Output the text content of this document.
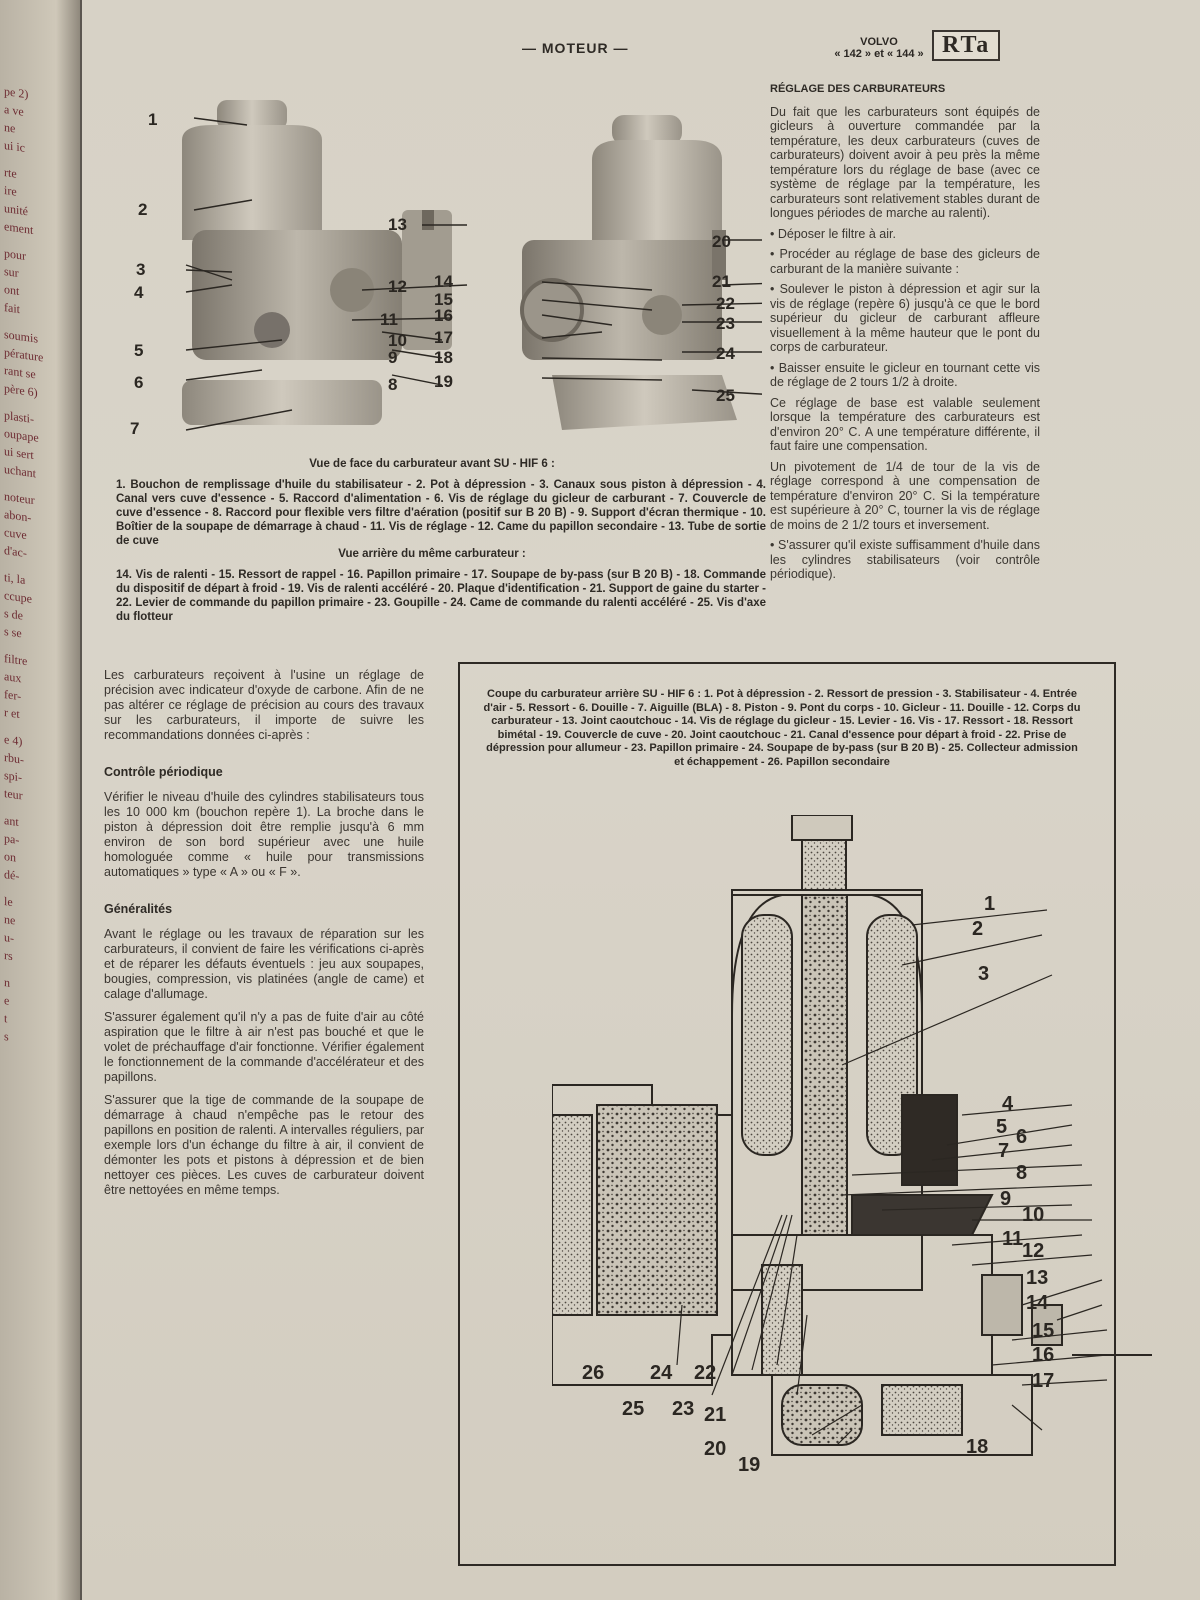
pe 2)
a ve
ne
ui ic
rte
ire
unité
ement
pour
sur
ont
fait
soumis
pérature
rant se
père 6)
plasti-
oupape
ui sert
uchant
noteur
abon-
cuve
d'ac-
ti, la
ccupe
s de
s se
filtre
aux
fer-
r et
e 4)
rbu-
spi-
teur
ant
pa-
on
dé-
le
ne
u-
rs
n
e
t
s
— MOTEUR —	VOLVO
« 142 » et « 144 » RTa
1
2
3
4
5
6
7
8
9
10
11
12
13
14
15
16
17
18
19
20
21
22
23
24
25
Vue de face du carburateur avant SU - HIF 6 :
1. Bouchon de remplissage d'huile du stabilisateur - 2. Pot à dépression - 3. Canaux sous piston à dépression - 4. Canal vers cuve d'essence - 5. Raccord d'alimentation - 6. Vis de réglage du gicleur de carburant - 7. Couvercle de cuve d'essence - 8. Raccord pour flexible vers filtre d'aération (positif sur B 20 B) - 9. Support d'écran thermique - 10. Boîtier de la soupape de démarrage à chaud - 11. Vis de réglage - 12. Came du papillon secondaire - 13. Tube de sortie de cuve
Vue arrière du même carburateur :
14. Vis de ralenti - 15. Ressort de rappel - 16. Papillon primaire - 17. Soupape de by-pass (sur B 20 B) - 18. Commande du dispositif de départ à froid - 19. Vis de ralenti accéléré - 20. Plaque d'identification - 21. Support de gaine du starter - 22. Levier de commande du papillon primaire - 23. Goupille - 24. Came de commande du ralenti accéléré - 25. Vis d'axe du flotteur
RÉGLAGE DES CARBURATEURS

Du fait que les carburateurs sont équipés de gicleurs à ouverture commandée par la température, les deux carburateurs (cuves de carburateurs) doivent avoir à peu près la même température lors du réglage de base (avec ce système de réglage par la température, les carburateurs sont relativement stables durant de longues périodes de marche au ralenti).

• Déposer le filtre à air.

• Procéder au réglage de base des gicleurs de carburant de la manière suivante :

• Soulever le piston à dépression et agir sur la vis de réglage (repère 6) jusqu'à ce que le bord supérieur du gicleur de carburant affleure visuellement à la même hauteur que le pont du corps de carburateur.

• Baisser ensuite le gicleur en tournant cette vis de réglage de 2 tours 1/2 à droite.

Ce réglage de base est valable seulement lorsque la température des carburateurs est d'environ 20° C. A une température différente, il faut faire une compensation.

Un pivotement de 1/4 de tour de la vis de réglage correspond à une compensation de température d'environ 20° C. Si la température est supérieure à 20° C, tourner la vis de réglage de moins de 2 1/2 tours et inversement.

• S'assurer qu'il existe suffisamment d'huile dans les cylindres stabilisateurs (voir contrôle périodique).

Les carburateurs reçoivent à l'usine un réglage de précision avec indicateur d'oxyde de carbone. Afin de ne pas altérer ce réglage de précision au cours des travaux sur les carburateurs, il importe de suivre les recommandations données ci-après :

Contrôle périodique

Vérifier le niveau d'huile des cylindres stabilisateurs tous les 10 000 km (bouchon repère 1). La broche dans le piston à dépression doit être remplie jusqu'à 6 mm environ de son bord supérieur avec une huile homologuée comme « huile pour transmissions automatiques » type « A » ou « F ».

Généralités

Avant le réglage ou les travaux de réparation sur les carburateurs, il convient de faire les vérifications ci-après et de réparer les défauts éventuels : jeu aux soupapes, bougies, compression, vis platinées (angle de came) et calage d'allumage.

S'assurer également qu'il n'y a pas de fuite d'air au côté aspiration que le filtre à air n'est pas bouché et que le volet de préchauffage d'air fonctionne. Vérifier également le fonctionnement de la commande d'accélérateur et des papillons.

S'assurer que la tige de commande de la soupape de démarrage à chaud n'empêche pas le retour des papillons en position de ralenti. A intervalles réguliers, par exemple lors d'un échange du filtre à air, il convient de démonter les pots et pistons à dépression et de bien nettoyer ces pièces. Les cuves de carburateur doivent être nettoyées en même temps.

Coupe du carburateur arrière SU - HIF 6 : 1. Pot à dépression - 2. Ressort de pression - 3. Stabilisateur - 4. Entrée d'air - 5. Ressort - 6. Douille - 7. Aiguille (BLA) - 8. Piston - 9. Pont du corps - 10. Gicleur - 11. Douille - 12. Corps du carburateur - 13. Joint caoutchouc - 14. Vis de réglage du gicleur - 15. Levier - 16. Vis - 17. Ressort - 18. Ressort bimétal - 19. Couvercle de cuve - 20. Joint caoutchouc - 21. Canal d'essence pour départ à froid - 22. Prise de dépression pour allumeur - 23. Papillon primaire - 24. Soupape de by-pass (sur B 20 B) - 25. Collecteur admission et échappement - 26. Papillon secondaire
1
2
3
4
5 6
7
8
9
10
11
12
13
14
15
16
17
18
19
20
21
22
23
24
25
26
